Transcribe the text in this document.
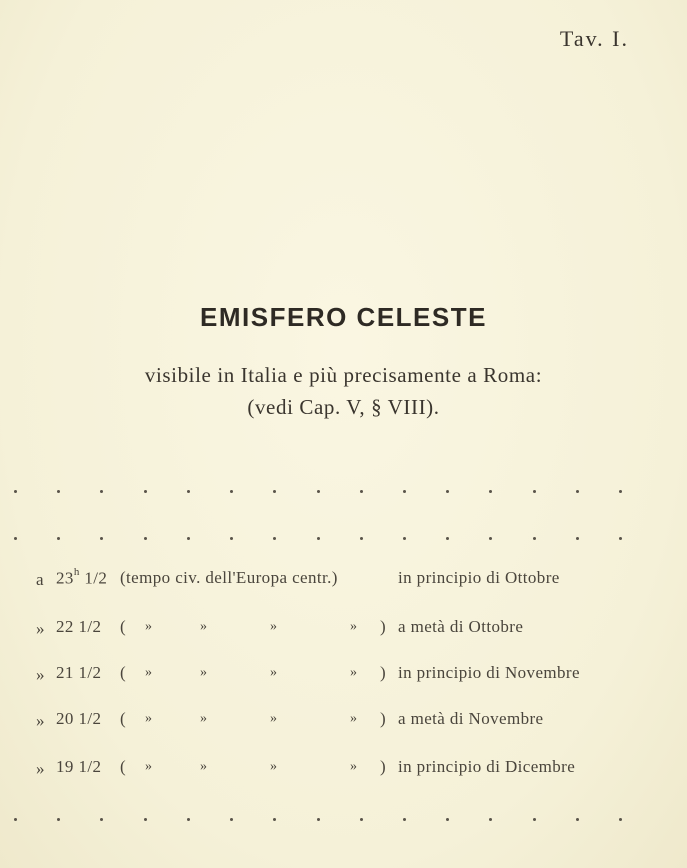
Tav. I.
EMISFERO CELESTE
visibile in Italia e più precisamente a Roma:
(vedi Cap. V, § VIII).
a 23$^h$ 1/2 (tempo civ. dell'Europa centr.)	in principio di Ottobre
» 22 1/2 ( »	»	»	» ) a metà di Ottobre
» 21 1/2 ( »	»	»	» ) in principio di Novembre
» 20 1/2 ( »	»	»	» ) a metà di Novembre
» 19 1/2 ( »	»	»	» ) in principio di Dicembre
